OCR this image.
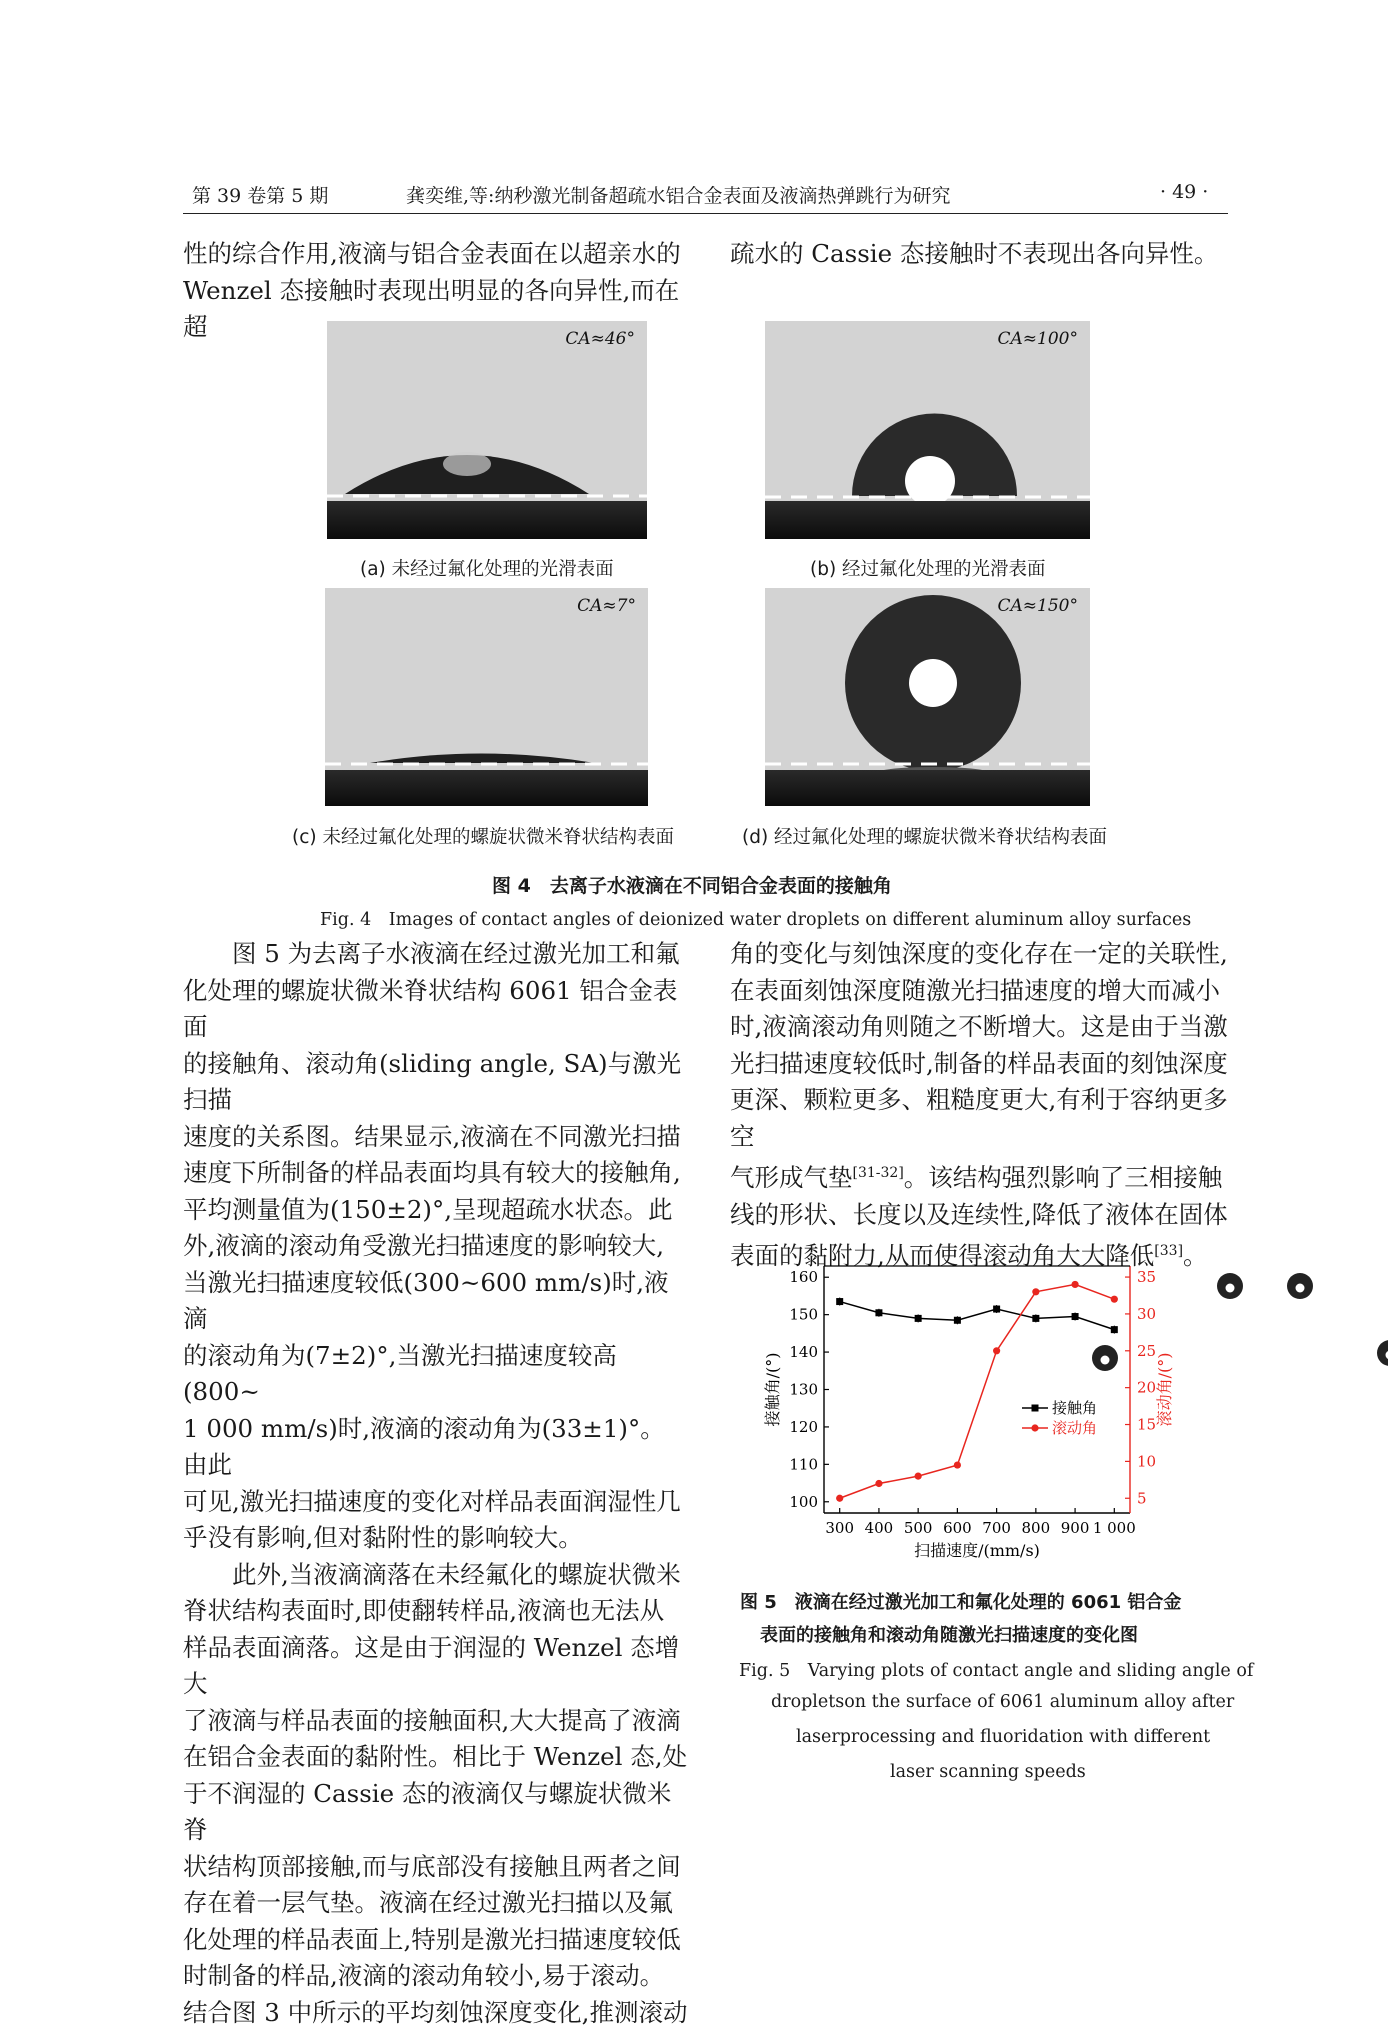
第 39 卷第 5 期	龚奕维,等:纳秒激光制备超疏水铝合金表面及液滴热弹跳行为研究	· 49 ·

性的综合作用,液滴与铝合金表面在以超亲水的

Wenzel 态接触时表现出明显的各向异性,而在超

疏水的 Cassie 态接触时不表现出各向异性。

CA≈46°
(a) 未经过氟化处理的光滑表面
CA≈100°
(b) 经过氟化处理的光滑表面
CA≈7°
(c) 未经过氟化处理的螺旋状微米脊状结构表面
CA≈150°
(d) 经过氟化处理的螺旋状微米脊状结构表面
图 4　去离子水液滴在不同铝合金表面的接触角
Fig. 4　Images of contact angles of deionized water droplets on different aluminum alloy surfaces

　　图 5 为去离子水液滴在经过激光加工和氟

化处理的螺旋状微米脊状结构 6061 铝合金表面

的接触角、滚动角(sliding angle, SA)与激光扫描

速度的关系图。结果显示,液滴在不同激光扫描

速度下所制备的样品表面均具有较大的接触角,

平均测量值为(150±2)°,呈现超疏水状态。此

外,液滴的滚动角受激光扫描速度的影响较大,

当激光扫描速度较低(300~600 mm/s)时,液滴

的滚动角为(7±2)°,当激光扫描速度较高(800~

1 000 mm/s)时,液滴的滚动角为(33±1)°。由此

可见,激光扫描速度的变化对样品表面润湿性几

乎没有影响,但对黏附性的影响较大。

　　此外,当液滴滴落在未经氟化的螺旋状微米

脊状结构表面时,即使翻转样品,液滴也无法从

样品表面滴落。这是由于润湿的 Wenzel 态增大

了液滴与样品表面的接触面积,大大提高了液滴

在铝合金表面的黏附性。相比于 Wenzel 态,处

于不润湿的 Cassie 态的液滴仅与螺旋状微米脊

状结构顶部接触,而与底部没有接触且两者之间

存在着一层气垫。液滴在经过激光扫描以及氟

化处理的样品表面上,特别是激光扫描速度较低

时制备的样品,液滴的滚动角较小,易于滚动。

结合图 3 中所示的平均刻蚀深度变化,推测滚动

角的变化与刻蚀深度的变化存在一定的关联性,

在表面刻蚀深度随激光扫描速度的增大而减小

时,液滴滚动角则随之不断增大。这是由于当激

光扫描速度较低时,制备的样品表面的刻蚀深度

更深、颗粒更多、粗糙度更大,有利于容纳更多空

气形成气垫[31-32]。该结构强烈影响了三相接触

线的形状、长度以及连续性,降低了液体在固体

表面的黏附力,从而使得滚动角大大降低[33]。

300 400 500 600 700 800 900 1 000
100
110
120
130
140
150
160
5
10
15
20
25
30
35
扫描速度/(mm/s)
接触角/(°)	滚动角/(°)
接触角
滚动角
图 5　液滴在经过激光加工和氟化处理的 6061 铝合金
表面的接触角和滚动角随激光扫描速度的变化图
Fig. 5　Varying plots of contact angle and sliding angle of
dropletson the surface of 6061 aluminum alloy after
laserprocessing and fluoridation with different
laser scanning speeds
